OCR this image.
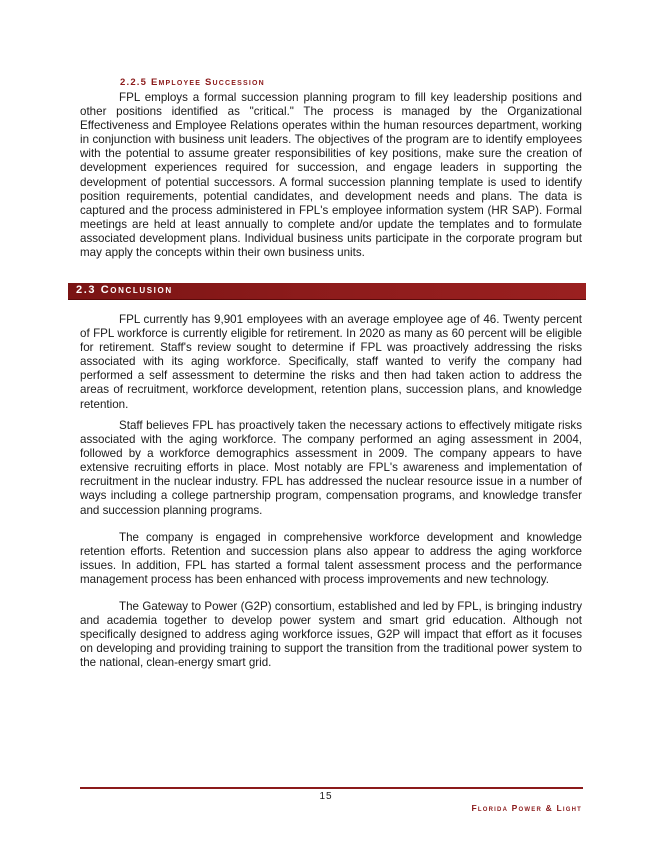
2.2.5 Employee Succession

FPL employs a formal succession planning program to fill key leadership positions and other positions identified as "critical." The process is managed by the Organizational Effectiveness and Employee Relations operates within the human resources department, working in conjunction with business unit leaders. The objectives of the program are to identify employees with the potential to assume greater responsibilities of key positions, make sure the creation of development experiences required for succession, and engage leaders in supporting the development of potential successors. A formal succession planning template is used to identify position requirements, potential candidates, and development needs and plans. The data is captured and the process administered in FPL's employee information system (HR SAP). Formal meetings are held at least annually to complete and/or update the templates and to formulate associated development plans. Individual business units participate in the corporate program but may apply the concepts within their own business units.

2.3 Conclusion

FPL currently has 9,901 employees with an average employee age of 46. Twenty percent of FPL workforce is currently eligible for retirement. In 2020 as many as 60 percent will be eligible for retirement. Staff's review sought to determine if FPL was proactively addressing the risks associated with its aging workforce. Specifically, staff wanted to verify the company had performed a self assessment to determine the risks and then had taken action to address the areas of recruitment, workforce development, retention plans, succession plans, and knowledge retention.

Staff believes FPL has proactively taken the necessary actions to effectively mitigate risks associated with the aging workforce. The company performed an aging assessment in 2004, followed by a workforce demographics assessment in 2009. The company appears to have extensive recruiting efforts in place. Most notably are FPL's awareness and implementation of recruitment in the nuclear industry. FPL has addressed the nuclear resource issue in a number of ways including a college partnership program, compensation programs, and knowledge transfer and succession planning programs.

The company is engaged in comprehensive workforce development and knowledge retention efforts. Retention and succession plans also appear to address the aging workforce issues. In addition, FPL has started a formal talent assessment process and the performance management process has been enhanced with process improvements and new technology.

The Gateway to Power (G2P) consortium, established and led by FPL, is bringing industry and academia together to develop power system and smart grid education. Although not specifically designed to address aging workforce issues, G2P will impact that effort as it focuses on developing and providing training to support the transition from the traditional power system to the national, clean-energy smart grid.

15
Florida Power & Light
